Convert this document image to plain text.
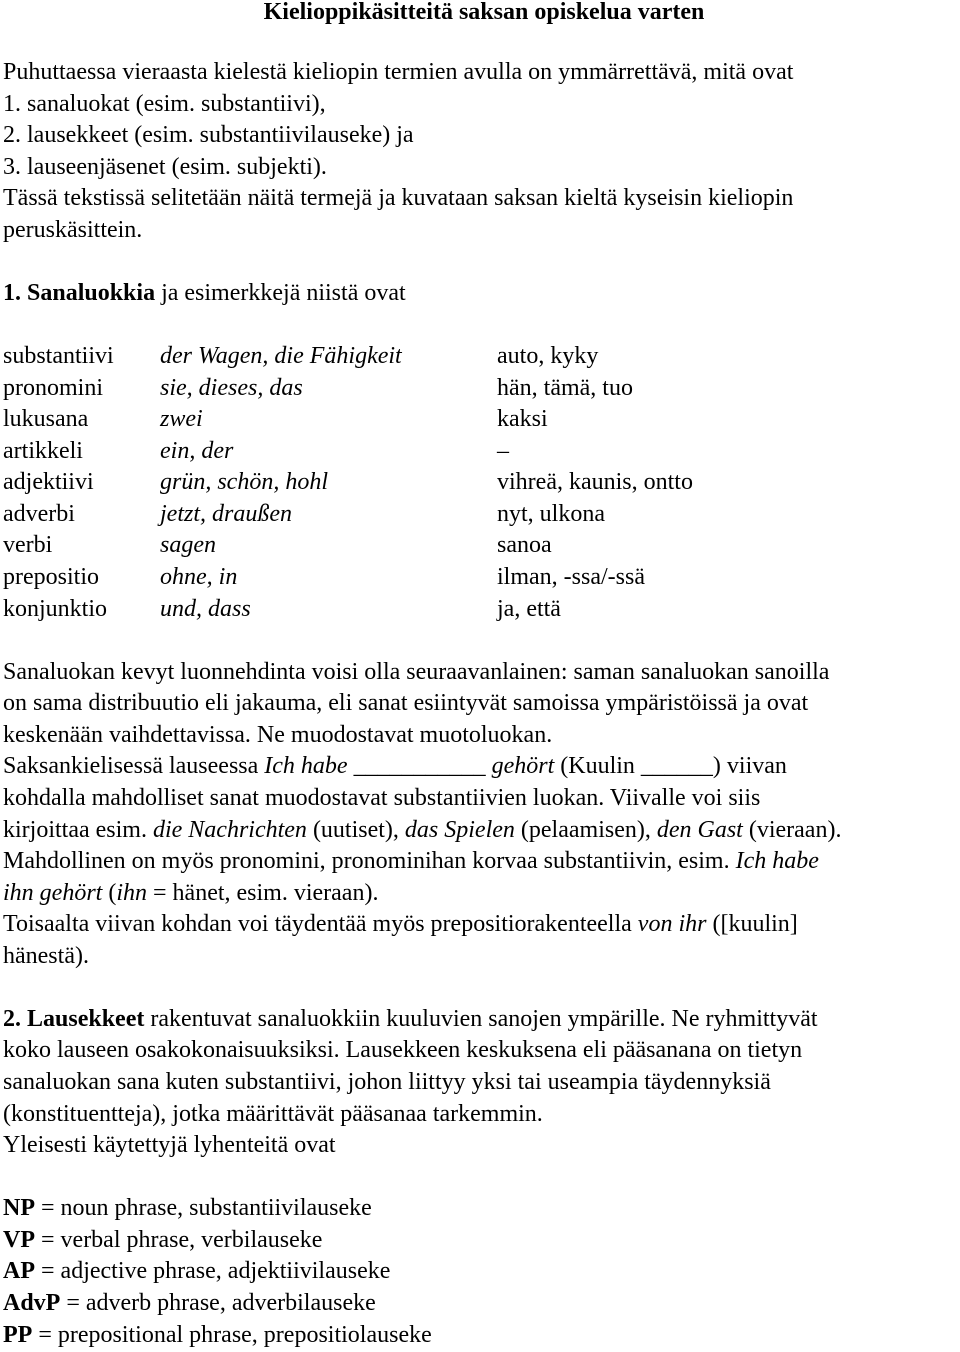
Kielioppikäsitteitä saksan opiskelua varten
Puhuttaessa vieraasta kielestä kieliopin termien avulla on ymmärrettävä, mitä ovat
1. sanaluokat (esim. substantiivi),
2. lausekkeet (esim. substantiivilauseke) ja
3. lauseenjäsenet (esim. subjekti).
Tässä tekstissä selitetään näitä termejä ja kuvataan saksan kieltä kyseisin kieliopin
peruskäsittein.
1. Sanaluokkia ja esimerkkejä niistä ovat
substantiivi	der Wagen, die Fähigkeit	auto, kyky
pronomini	sie, dieses, das	hän, tämä, tuo
lukusana	zwei	kaksi
artikkeli	ein, der	–
adjektiivi	grün, schön, hohl	vihreä, kaunis, ontto
adverbi	jetzt, draußen	nyt, ulkona
verbi	sagen	sanoa
prepositio	ohne, in	ilman, -ssa/-ssä
konjunktio	und, dass	ja, että
Sanaluokan kevyt luonnehdinta voisi olla seuraavanlainen: saman sanaluokan sanoilla
on sama distribuutio eli jakauma, eli sanat esiintyvät samoissa ympäristöissä ja ovat
keskenään vaihdettavissa. Ne muodostavat muotoluokan.
Saksankielisessä lauseessa Ich habe ___________ gehört (Kuulin ______) viivan
kohdalla mahdolliset sanat muodostavat substantiivien luokan. Viivalle voi siis
kirjoittaa esim. die Nachrichten (uutiset), das Spielen (pelaamisen), den Gast (vieraan).
Mahdollinen on myös pronomini, pronominihan korvaa substantiivin, esim. Ich habe
ihn gehört (ihn = hänet, esim. vieraan).
Toisaalta viivan kohdan voi täydentää myös prepositiorakenteella von ihr ([kuulin]
hänestä).
2. Lausekkeet rakentuvat sanaluokkiin kuuluvien sanojen ympärille. Ne ryhmittyvät
koko lauseen osakokonaisuuksiksi. Lausekkeen keskuksena eli pääsanana on tietyn
sanaluokan sana kuten substantiivi, johon liittyy yksi tai useampia täydennyksiä
(konstituentteja), jotka määrittävät pääsanaa tarkemmin.
Yleisesti käytettyjä lyhenteitä ovat
NP = noun phrase, substantiivilauseke
VP = verbal phrase, verbilauseke
AP = adjective phrase, adjektiivilauseke
AdvP = adverb phrase, adverbilauseke
PP = prepositional phrase, prepositiolauseke
